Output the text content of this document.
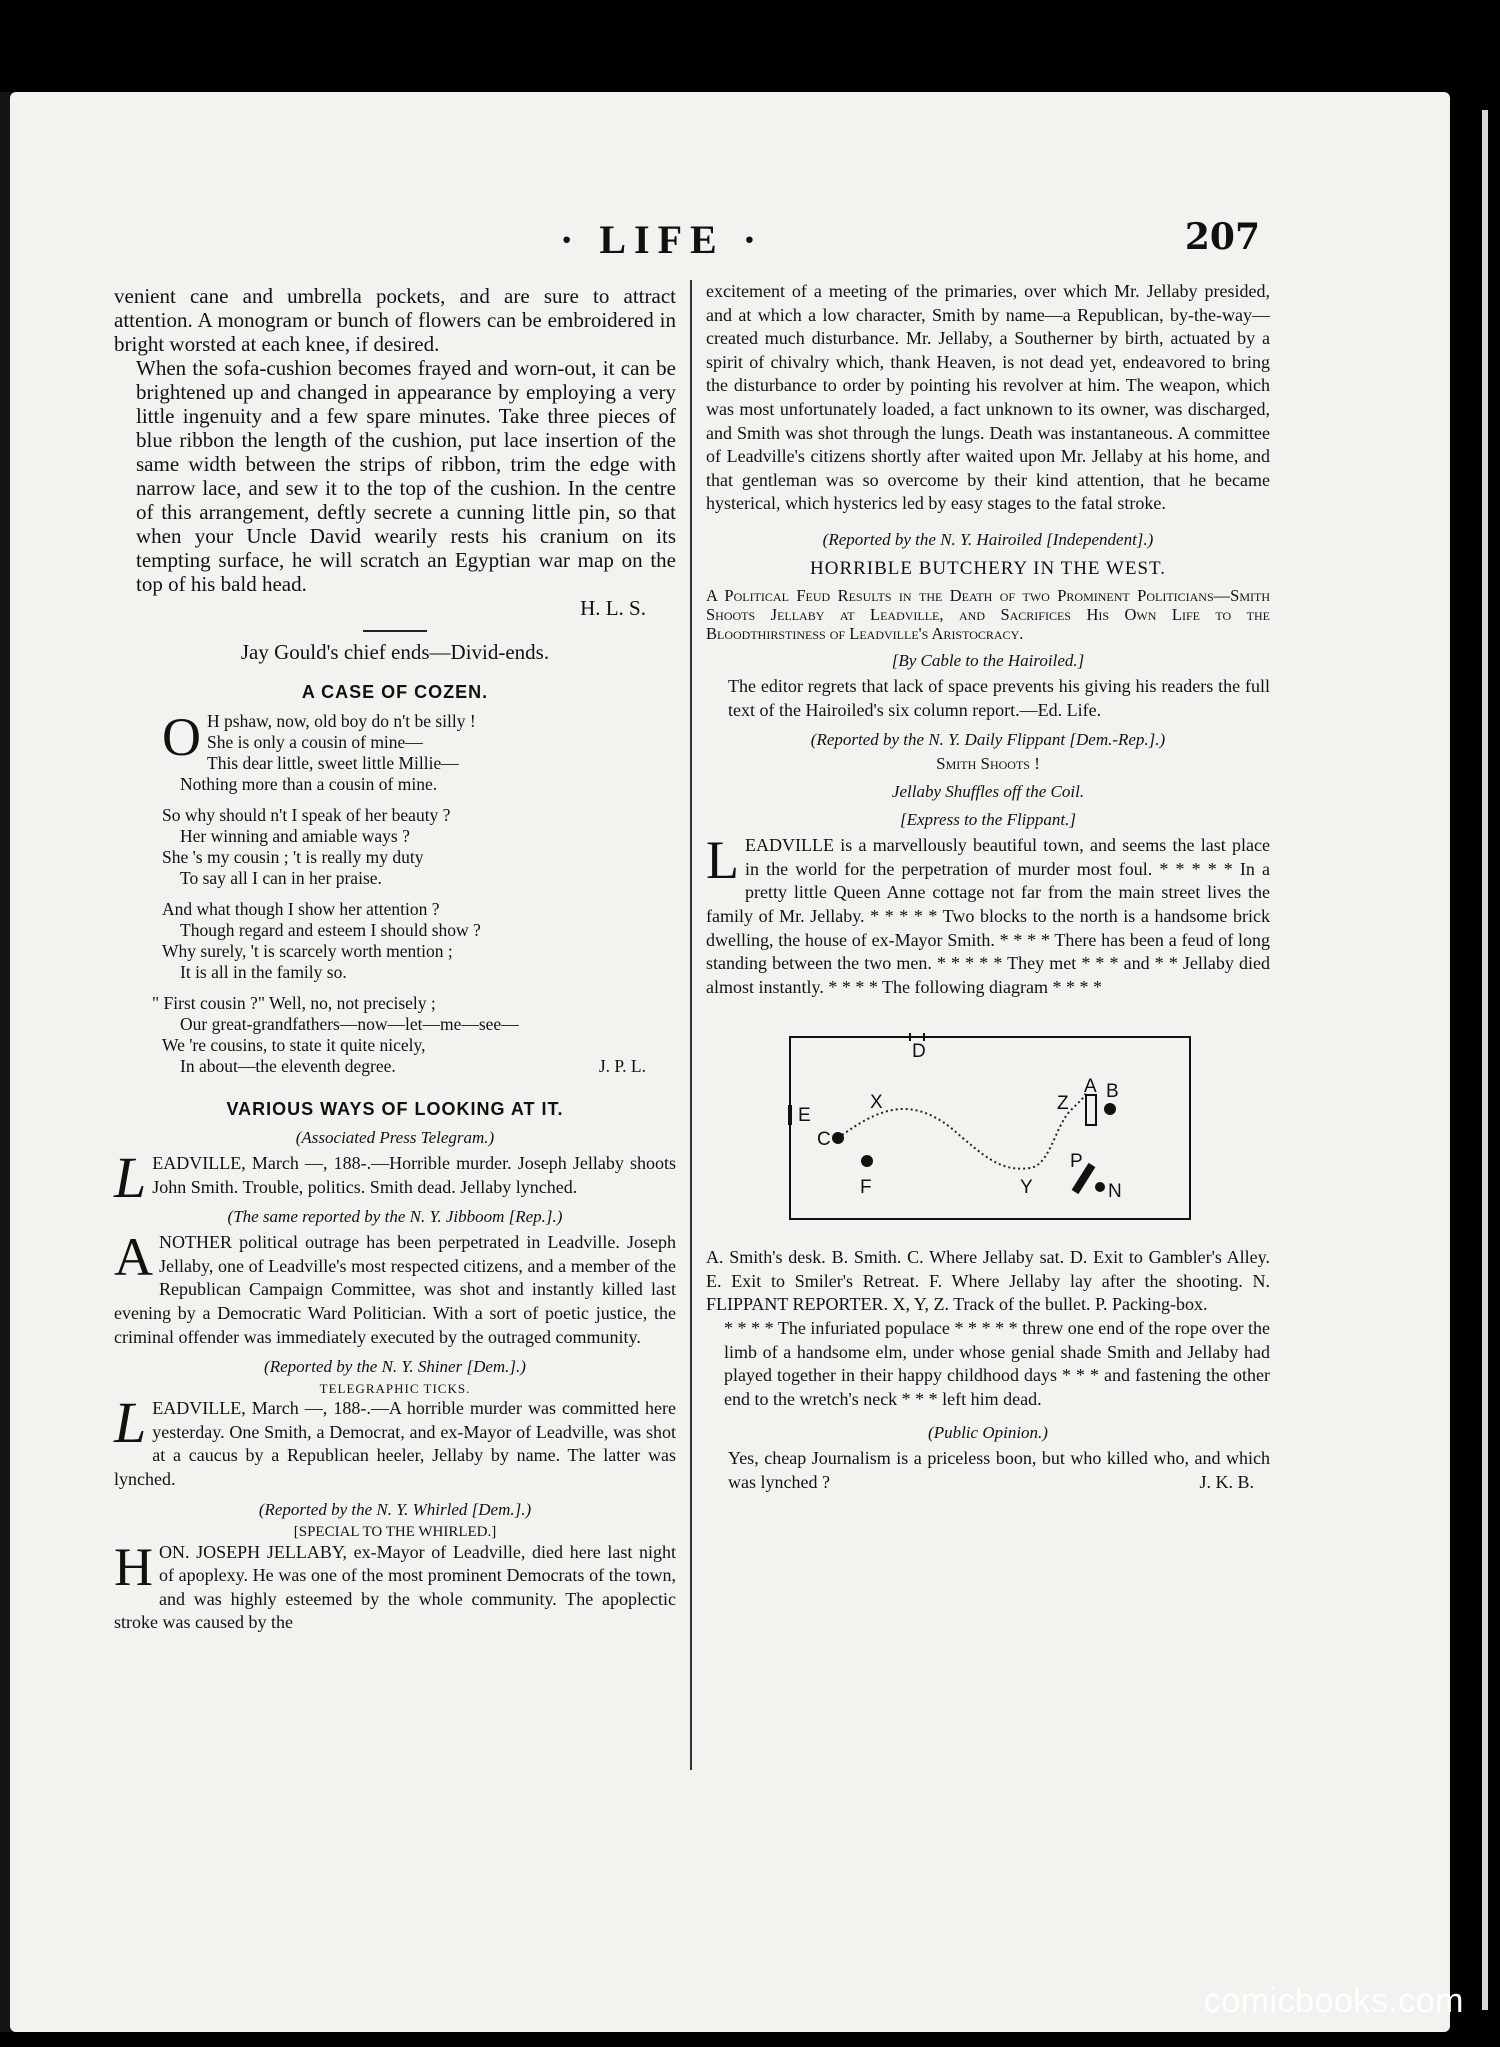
· LIFE ·	207

venient cane and umbrella pockets, and are sure to attract attention. A monogram or bunch of flowers can be embroidered in bright worsted at each knee, if desired.

When the sofa-cushion becomes frayed and worn-out, it can be brightened up and changed in appearance by employing a very little ingenuity and a few spare minutes. Take three pieces of blue ribbon the length of the cushion, put lace insertion of the same width between the strips of ribbon, trim the edge with narrow lace, and sew it to the top of the cushion. In the centre of this arrangement, deftly secrete a cunning little pin, so that when your Uncle David wearily rests his cranium on its tempting surface, he will scratch an Egyptian war map on the top of his bald head.

H. L. S.

Jay Gould's chief ends—Divid-ends.

A CASE OF COZEN.
O H pshaw, now, old boy do n't be silly !
She is only a cousin of mine—
This dear little, sweet little Millie—
Nothing more than a cousin of mine.
So why should n't I speak of her beauty ?
Her winning and amiable ways ?
She 's my cousin ; 't is really my duty
To say all I can in her praise.
And what though I show her attention ?
Though regard and esteem I should show ?
Why surely, 't is scarcely worth mention ;
It is all in the family so.
" First cousin ?" Well, no, not precisely ;
Our great-grandfathers—now—let—me—see—
We 're cousins, to state it quite nicely,
In about—the eleventh degree.	J. P. L.
VARIOUS WAYS OF LOOKING AT IT.
(Associated Press Telegram.)

LEADVILLE, March —, 188-.—Horrible murder. Joseph Jellaby shoots John Smith. Trouble, politics. Smith dead. Jellaby lynched.

(The same reported by the N. Y. Jibboom [Rep.].)

ANOTHER political outrage has been perpetrated in Leadville. Joseph Jellaby, one of Leadville's most respected citizens, and a member of the Republican Campaign Committee, was shot and instantly killed last evening by a Democratic Ward Politician. With a sort of poetic justice, the criminal offender was immediately executed by the outraged community.

(Reported by the N. Y. Shiner [Dem.].)
TELEGRAPHIC TICKS.

LEADVILLE, March —, 188-.—A horrible murder was committed here yesterday. One Smith, a Democrat, and ex-Mayor of Leadville, was shot at a caucus by a Republican heeler, Jellaby by name. The latter was lynched.

(Reported by the N. Y. Whirled [Dem.].)
[SPECIAL TO THE WHIRLED.]

HON. JOSEPH JELLABY, ex-Mayor of Leadville, died here last night of apoplexy. He was one of the most prominent Democrats of the town, and was highly esteemed by the whole community. The apoplectic stroke was caused by the

excitement of a meeting of the primaries, over which Mr. Jellaby presided, and at which a low character, Smith by name—a Republican, by-the-way—created much disturbance. Mr. Jellaby, a Southerner by birth, actuated by a spirit of chivalry which, thank Heaven, is not dead yet, endeavored to bring the disturbance to order by pointing his revolver at him. The weapon, which was most unfortunately loaded, a fact unknown to its owner, was discharged, and Smith was shot through the lungs. Death was instantaneous. A committee of Leadville's citizens shortly after waited upon Mr. Jellaby at his home, and that gentleman was so overcome by their kind attention, that he became hysterical, which hysterics led by easy stages to the fatal stroke.

(Reported by the N. Y. Hairoiled [Independent].)
HORRIBLE BUTCHERY IN THE WEST.

A Political Feud Results in the Death of two Prominent Politicians—Smith Shoots Jellaby at Leadville, and Sacrifices His Own Life to the Bloodthirstiness of Leadville's Aristocracy.

[By Cable to the Hairoiled.]

The editor regrets that lack of space prevents his giving his readers the full text of the Hairoiled's six column report.—Ed. Life.

(Reported by the N. Y. Daily Flippant [Dem.-Rep.].)
Smith Shoots !
Jellaby Shuffles off the Coil.
[Express to the Flippant.]

LEADVILLE is a marvellously beautiful town, and seems the last place in the world for the perpetration of murder most foul. * * * * * In a pretty little Queen Anne cottage not far from the main street lives the family of Mr. Jellaby. * * * * * Two blocks to the north is a handsome brick dwelling, the house of ex-Mayor Smith. * * * * There has been a feud of long standing between the two men. * * * * * They met * * * and * * Jellaby died almost instantly. * * * * The following diagram * * * *

D
E
C
X
F	Y
Z
A B
P
N

A. Smith's desk. B. Smith. C. Where Jellaby sat. D. Exit to Gambler's Alley. E. Exit to Smiler's Retreat. F. Where Jellaby lay after the shooting. N. FLIPPANT REPORTER. X, Y, Z. Track of the bullet. P. Packing-box.

* * * * The infuriated populace * * * * * threw one end of the rope over the limb of a handsome elm, under whose genial shade Smith and Jellaby had played together in their happy childhood days * * * and fastening the other end to the wretch's neck * * * left him dead.

(Public Opinion.)

Yes, cheap Journalism is a priceless boon, but who killed who, and which was lynched ?	J. K. B.

comicbooks.com
